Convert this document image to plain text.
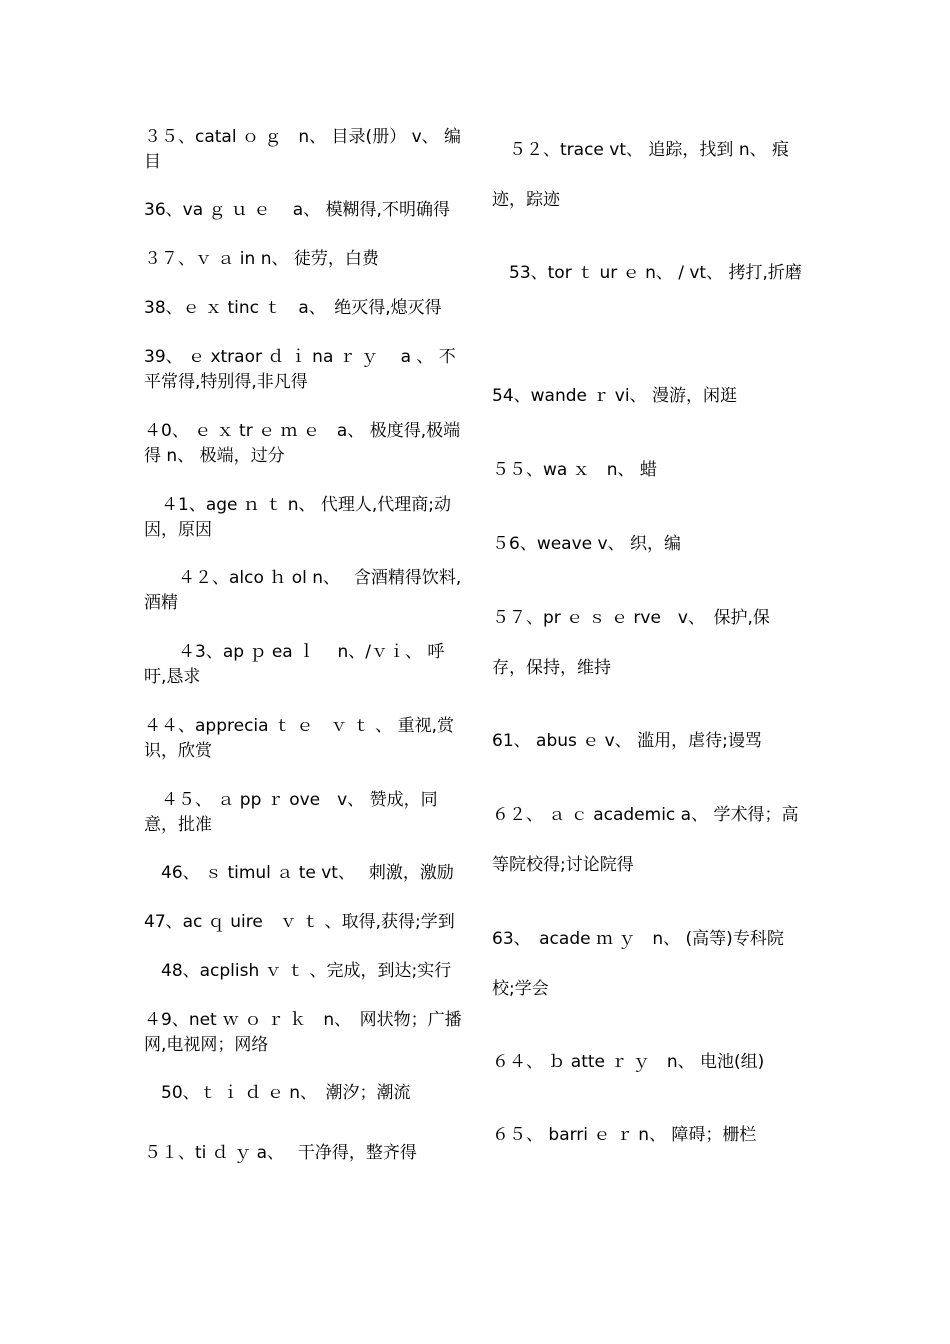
３５、catal ｏ ｇ　n、 目录(册） v、 编目
36、va ｇ ｕ ｅ　 a、 模糊得,不明确得
３７、ｖ ａ in n、 徒劳，白费
38、ｅ ｘ tinc ｔ　a、　绝灭得,熄灭得
39、 ｅ xtraor ｄ ｉ na ｒ ｙ　 a 、 不平常得,特别得,非凡得
４0、 ｅ ｘ tr ｅ ｍ ｅ　a、 极度得,极端得 n、 极端，过分
　４1、age ｎ ｔ n、 代理人,代理商;动因，原因
　　４２、alco ｈ ol n、　 含酒精得饮料,酒精
　　４3、ap ｐ ea ｌ　 n、/ｖｉ、 呼吁,恳求
４４、apprecia ｔ ｅ　ｖ ｔ 、 重视,赏识，欣赏
　４５、 ａ pp ｒ ove　v、 赞成，同意，批准
　46、 ｓ timul ａ te vt、　 刺激，激励
47、ac ｑ uire　ｖ ｔ 、取得,获得;学到
　48、acplish ｖ ｔ 、完成，到达;实行
４9、net ｗ ｏ ｒ ｋ　n、　网状物；广播网,电视网；网络
　50、ｔ ｉ ｄ ｅ n、　潮汐；潮流
５１、ti ｄ ｙ a、　 干净得，整齐得
　５２、trace vt、 追踪，找到 n、 痕迹，踪迹
　53、tor ｔ ur ｅ n、 / vt、 拷打,折磨
54、wande ｒ vi、 漫游，闲逛
５５、wa ｘ　n、 蜡
５6、weave v、 织，编
５７、pr ｅ ｓ ｅ rve　v、　保护,保存，保持，维持
61、 abus ｅ v、 滥用，虐待;谩骂
６２、 ａ ｃ academic a、 学术得；高等院校得;讨论院得
63、　acade ｍ ｙ　n、 (高等)专科院校;学会
６４、 ｂ atte ｒ ｙ　n、 电池(组)
６５、 barri ｅ ｒ n、 障碍；栅栏
